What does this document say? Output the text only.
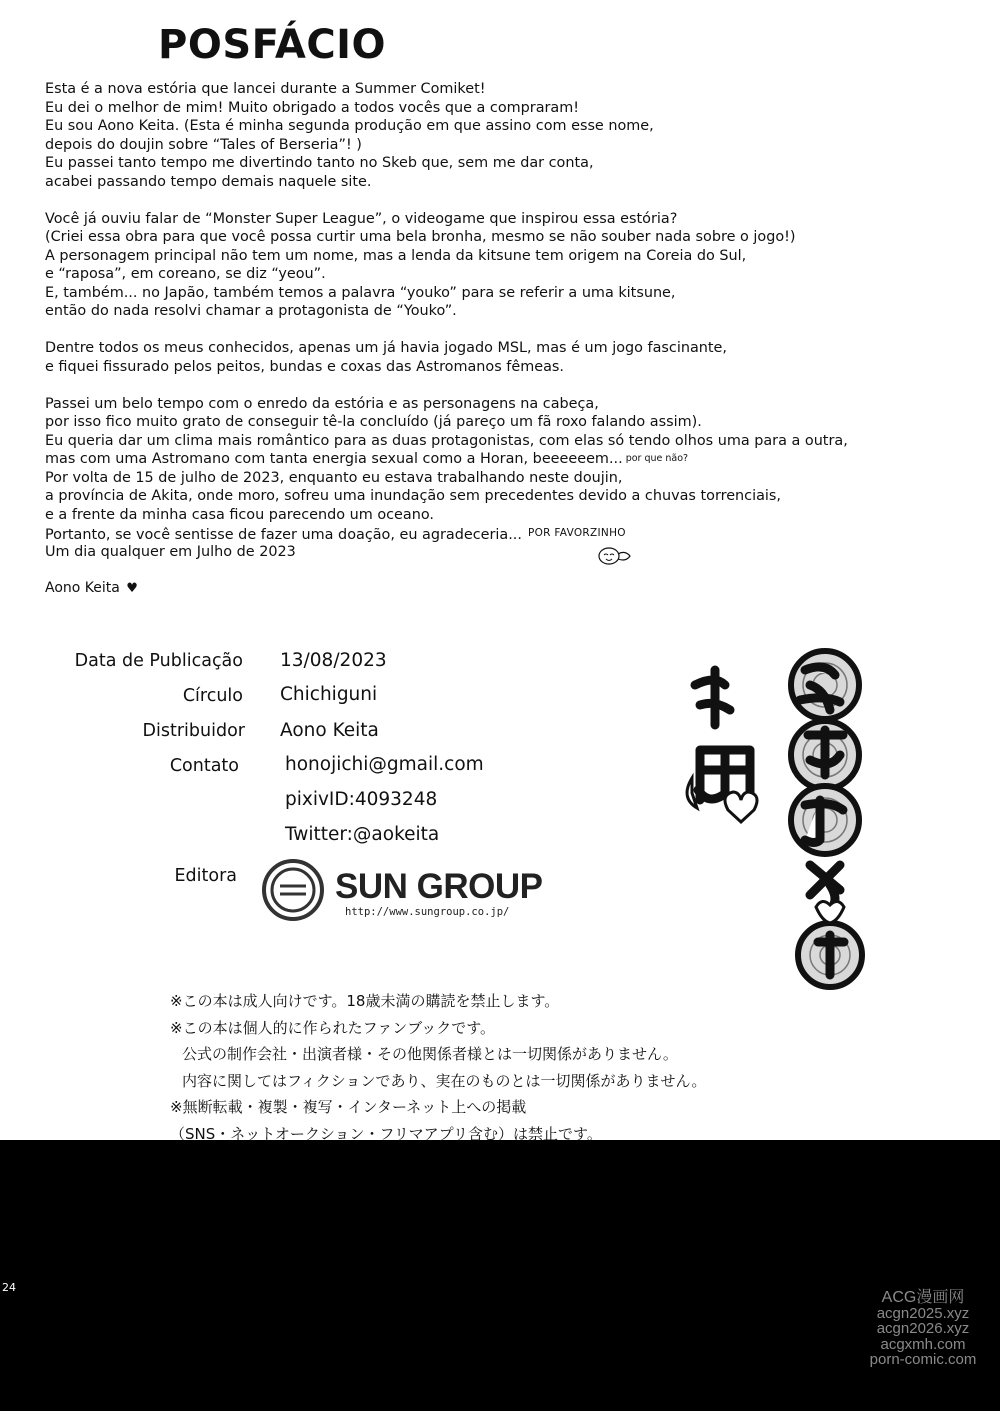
POSFÁCIO
Esta é a nova estória que lancei durante a Summer Comiket!
Eu dei o melhor de mim! Muito obrigado a todos vocês que a compraram!
Eu sou Aono Keita. (Esta é minha segunda produção em que assino com esse nome,
depois do doujin sobre “Tales of Berseria”! )
Eu passei tanto tempo me divertindo tanto no Skeb que, sem me dar conta,
acabei passando tempo demais naquele site.
Você já ouviu falar de “Monster Super League”, o videogame que inspirou essa estória?
(Criei essa obra para que você possa curtir uma bela bronha, mesmo se não souber nada sobre o jogo!)
A personagem principal não tem um nome, mas a lenda da kitsune tem origem na Coreia do Sul,
e “raposa”, em coreano, se diz “yeou”.
E, também... no Japão, também temos a palavra “youko” para se referir a uma kitsune,
então do nada resolvi chamar a protagonista de “Youko”.
Dentre todos os meus conhecidos, apenas um já havia jogado MSL, mas é um jogo fascinante,
e fiquei fissurado pelos peitos, bundas e coxas das Astromanos fêmeas.
Passei um belo tempo com o enredo da estória e as personagens na cabeça,
por isso fico muito grato de conseguir tê-la concluído (já pareço um fã roxo falando assim).
Eu queria dar um clima mais romântico para as duas protagonistas, com elas só tendo olhos uma para a outra,
mas com uma Astromano com tanta energia sexual como a Horan, beeeeeem... por que não?
Por volta de 15 de julho de 2023, enquanto eu estava trabalhando neste doujin,
a província de Akita, onde moro, sofreu uma inundação sem precedentes devido a chuvas torrenciais,
e a frente da minha casa ficou parecendo um oceano.
Portanto, se você sentisse de fazer uma doação, eu agradeceria... $^{POR FAVORZINHO}$
Um dia qualquer em Julho de 2023
Aono Keita ♥
Data de Publicação 13/08/2023
Círculo Chichiguni
Distribuidor Aono Keita
Contato honojichi@gmail.com
pixivID:4093248
Twitter:@aokeita
Editora	SUN GROUP
http://www.sungroup.co.jp/
※この本は成人向けです。18歳未満の購読を禁止します。
※この本は個人的に作られたファンブックです。
公式の制作会社・出演者様・その他関係者様とは一切関係がありません。
内容に関してはフィクションであり、実在のものとは一切関係がありません。
※無断転載・複製・複写・インターネット上への掲載
（SNS・ネットオークション・フリマアプリ含む）は禁止です。
24
ACG漫画网
acgn2025.xyz
acgn2026.xyz
acgxmh.com
porn-comic.com
